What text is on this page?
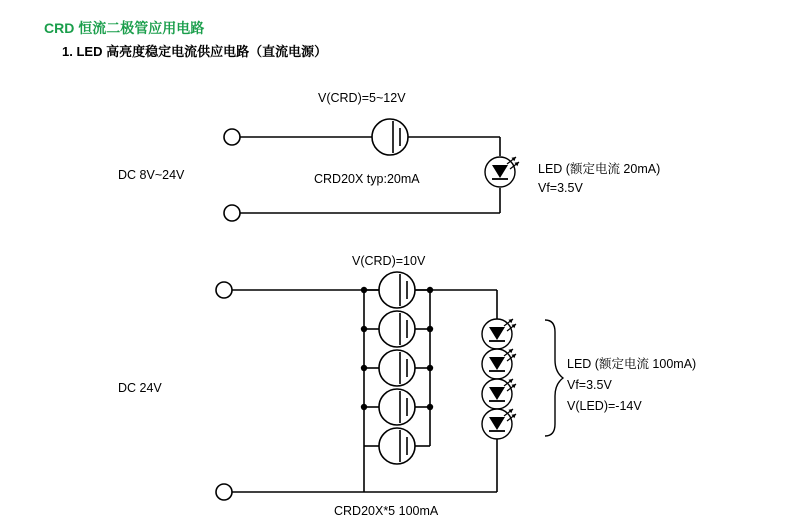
CRD 恒流二极管应用电路
1. LED 高亮度稳定电流供应电路（直流电源）
DC 8V~24V
V(CRD)=5~12V
CRD20X typ:20mA
LED (额定电流 20mA)
Vf=3.5V
DC 24V
V(CRD)=10V
CRD20X*5 100mA
LED (额定电流 100mA)
Vf=3.5V
V(LED)=-14V
